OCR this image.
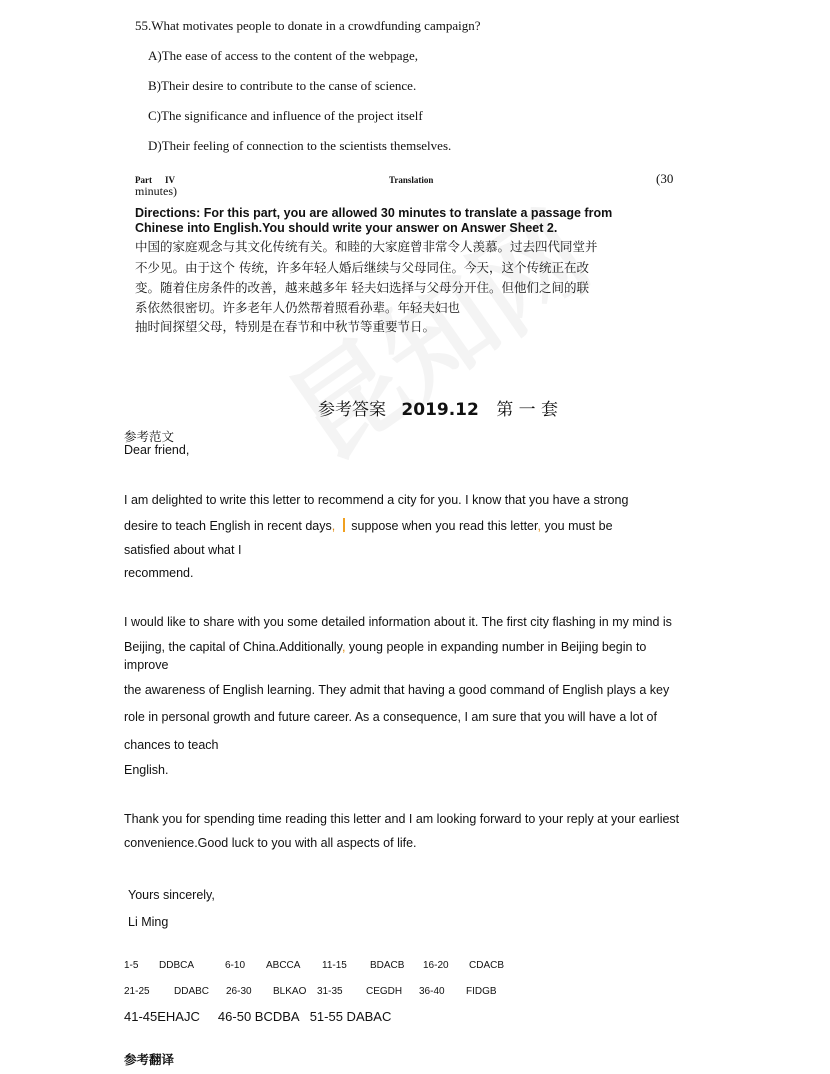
55.What motivates people to donate in a crowdfunding campaign?
A)The ease of access to the content of the webpage,
B)Their desire to contribute to the canse of science.
C)The significance and influence of the project itself
D)Their feeling of connection to the scientists themselves.
Part IV	Translation	(30
minutes)
Directions: For this part, you are allowed 30 minutes to translate a passage from
Chinese into English.You should write your answer on Answer Sheet 2.
中国的家庭观念与其文化传统有关。和睦的大家庭曾非常令人羡慕。过去四代同堂并
不少见。由于这个 传统，许多年轻人婚后继续与父母同住。今天，这个传统正在改
变。随着住房条件的改善，越来越多年 轻夫妇选择与父母分开住。但他们之间的联
系依然很密切。许多老年人仍然帮着照看孙辈。年轻夫妇也
抽时间探望父母，特别是在春节和中秋节等重要节日。
参考答案 2019.12 第 一 套
参考范文
Dear friend,
I am delighted to write this letter to recommend a city for you. I know that you have a strong
desire to teach English in recent days, suppose when you read this letter, you must be
satisfied about what I
recommend.
I would like to share with you some detailed information about it. The first city flashing in my mind is
Beijing, the capital of China.Additionally, young people in expanding number in Beijing begin to
improve
the awareness of English learning. They admit that having a good command of English plays a key
role in personal growth and future career. As a consequence, I am sure that you will have a lot of
chances to teach
English.
Thank you for spending time reading this letter and I am looking forward to your reply at your earliest
convenience.Good luck to you with all aspects of life.
Yours sincerely,
Li Ming
1-5 DDBCA	6-10 ABCCA 11-15 BDACB 16-20 CDACB
21-25 DDABC 26-30 BLKAO 31-35 CEGDH 36-40 FIDGB
41-45EHAJC     46-50 BCDBA   51-55 DABAC
参考翻译
